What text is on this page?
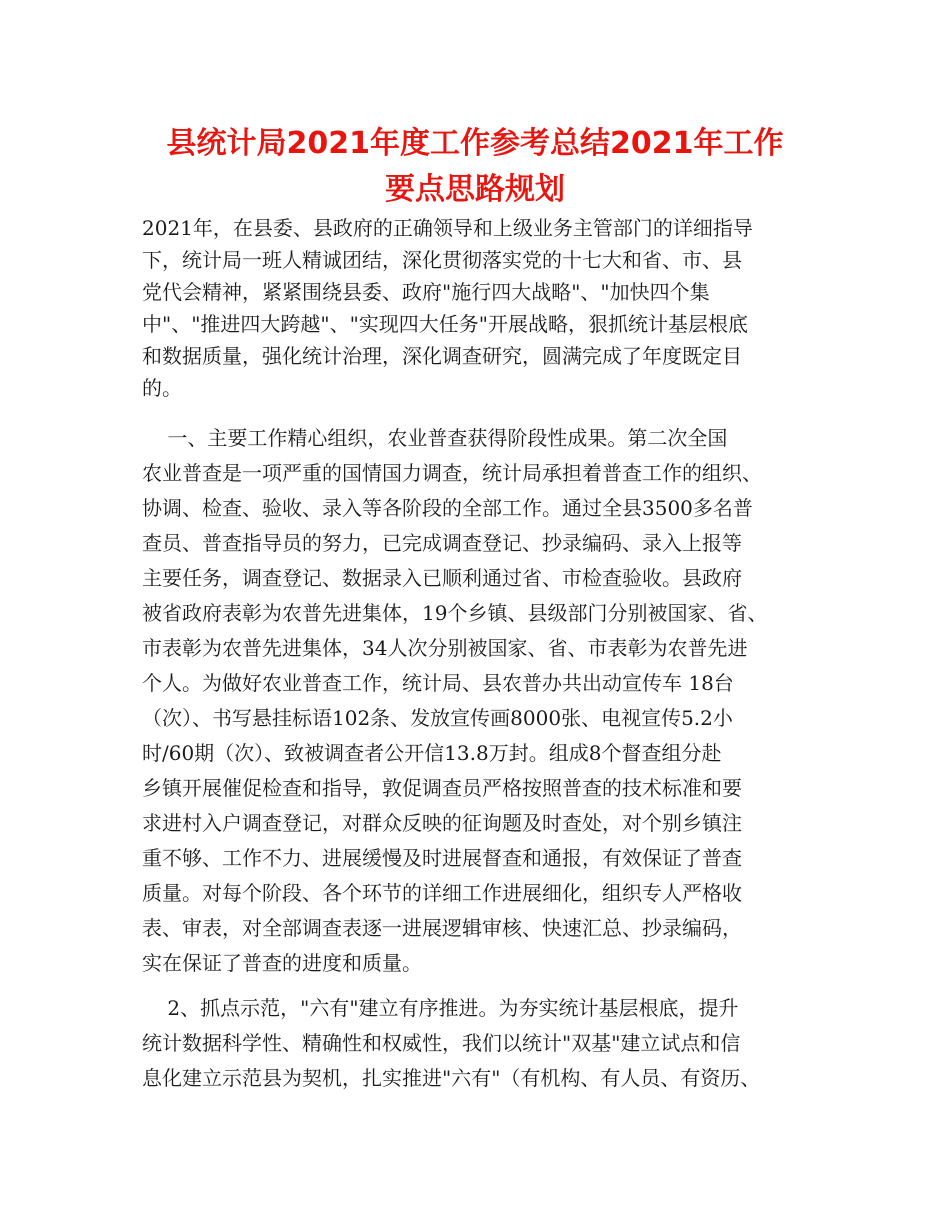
县统计局2021年度工作参考总结2021年工作
要点思路规划

2021年，在县委、县政府的正确领导和上级业务主管部门的详细指导

下，统计局一班人精诚团结，深化贯彻落实党的十七大和省、市、县

党代会精神，紧紧围绕县委、政府"施行四大战略"、"加快四个集

中"、"推进四大跨越"、"实现四大任务"开展战略，狠抓统计基层根底

和数据质量，强化统计治理，深化调查研究，圆满完成了年度既定目

的。

一、主要工作精心组织，农业普查获得阶段性成果。第二次全国

农业普查是一项严重的国情国力调查，统计局承担着普查工作的组织、

协调、检查、验收、录入等各阶段的全部工作。通过全县3500多名普

查员、普查指导员的努力，已完成调查登记、抄录编码、录入上报等

主要任务，调查登记、数据录入已顺利通过省、市检查验收。县政府

被省政府表彰为农普先进集体，19个乡镇、县级部门分别被国家、省、

市表彰为农普先进集体，34人次分别被国家、省、市表彰为农普先进

个人。为做好农业普查工作，统计局、县农普办共出动宣传车 18台

（次）、书写悬挂标语102条、发放宣传画8000张、电视宣传5.2小

时/60期（次）、致被调查者公开信13.8万封。组成8个督查组分赴

乡镇开展催促检查和指导，敦促调查员严格按照普查的技术标准和要

求进村入户调查登记，对群众反映的征询题及时查处，对个别乡镇注

重不够、工作不力、进展缓慢及时进展督查和通报，有效保证了普查

质量。对每个阶段、各个环节的详细工作进展细化，组织专人严格收

表、审表，对全部调查表逐一进展逻辑审核、快速汇总、抄录编码，

实在保证了普查的进度和质量。

2、抓点示范，"六有"建立有序推进。为夯实统计基层根底，提升

统计数据科学性、精确性和权威性，我们以统计"双基"建立试点和信

息化建立示范县为契机，扎实推进"六有"（有机构、有人员、有资历、
